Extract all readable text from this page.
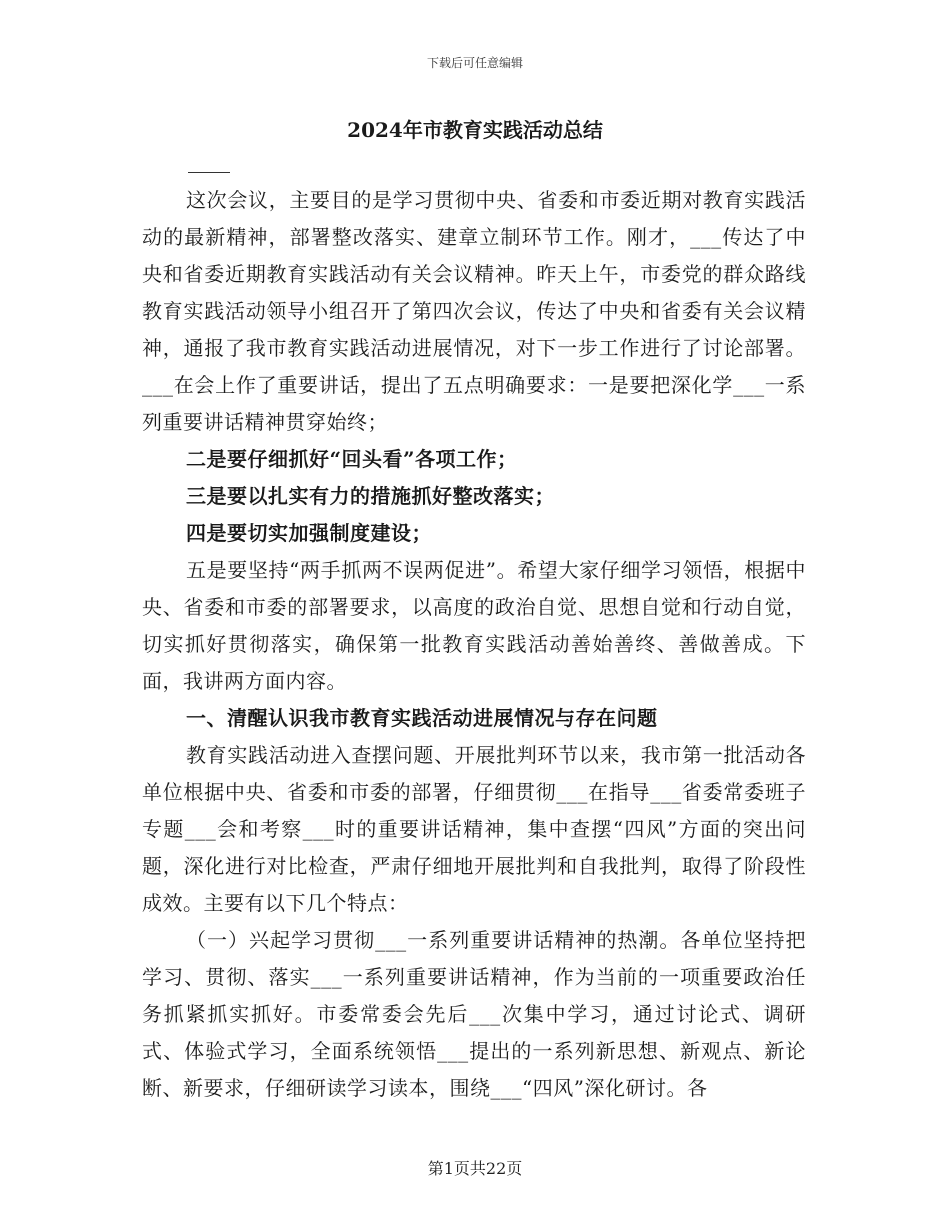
下载后可任意编辑
2024年市教育实践活动总结

这次会议，主要目的是学习贯彻中央、省委和市委近期对教育实践活动的最新精神，部署整改落实、建章立制环节工作。刚才，___传达了中央和省委近期教育实践活动有关会议精神。昨天上午，市委党的群众路线教育实践活动领导小组召开了第四次会议，传达了中央和省委有关会议精神，通报了我市教育实践活动进展情况，对下一步工作进行了讨论部署。___在会上作了重要讲话，提出了五点明确要求：一是要把深化学___一系列重要讲话精神贯穿始终；

二是要仔细抓好“回头看”各项工作；

三是要以扎实有力的措施抓好整改落实；

四是要切实加强制度建设；

五是要坚持“两手抓两不误两促进”。希望大家仔细学习领悟，根据中央、省委和市委的部署要求，以高度的政治自觉、思想自觉和行动自觉，切实抓好贯彻落实，确保第一批教育实践活动善始善终、善做善成。下面，我讲两方面内容。

一、清醒认识我市教育实践活动进展情况与存在问题

教育实践活动进入查摆问题、开展批判环节以来，我市第一批活动各单位根据中央、省委和市委的部署，仔细贯彻___在指导___省委常委班子专题___会和考察___时的重要讲话精神，集中查摆“四风”方面的突出问题，深化进行对比检查，严肃仔细地开展批判和自我批判，取得了阶段性成效。主要有以下几个特点：

（一）兴起学习贯彻___一系列重要讲话精神的热潮。各单位坚持把学习、贯彻、落实___一系列重要讲话精神，作为当前的一项重要政治任务抓紧抓实抓好。市委常委会先后___次集中学习，通过讨论式、调研式、体验式学习，全面系统领悟___提出的一系列新思想、新观点、新论断、新要求，仔细研读学习读本，围绕___“四风”深化研讨。各

第1页共22页
